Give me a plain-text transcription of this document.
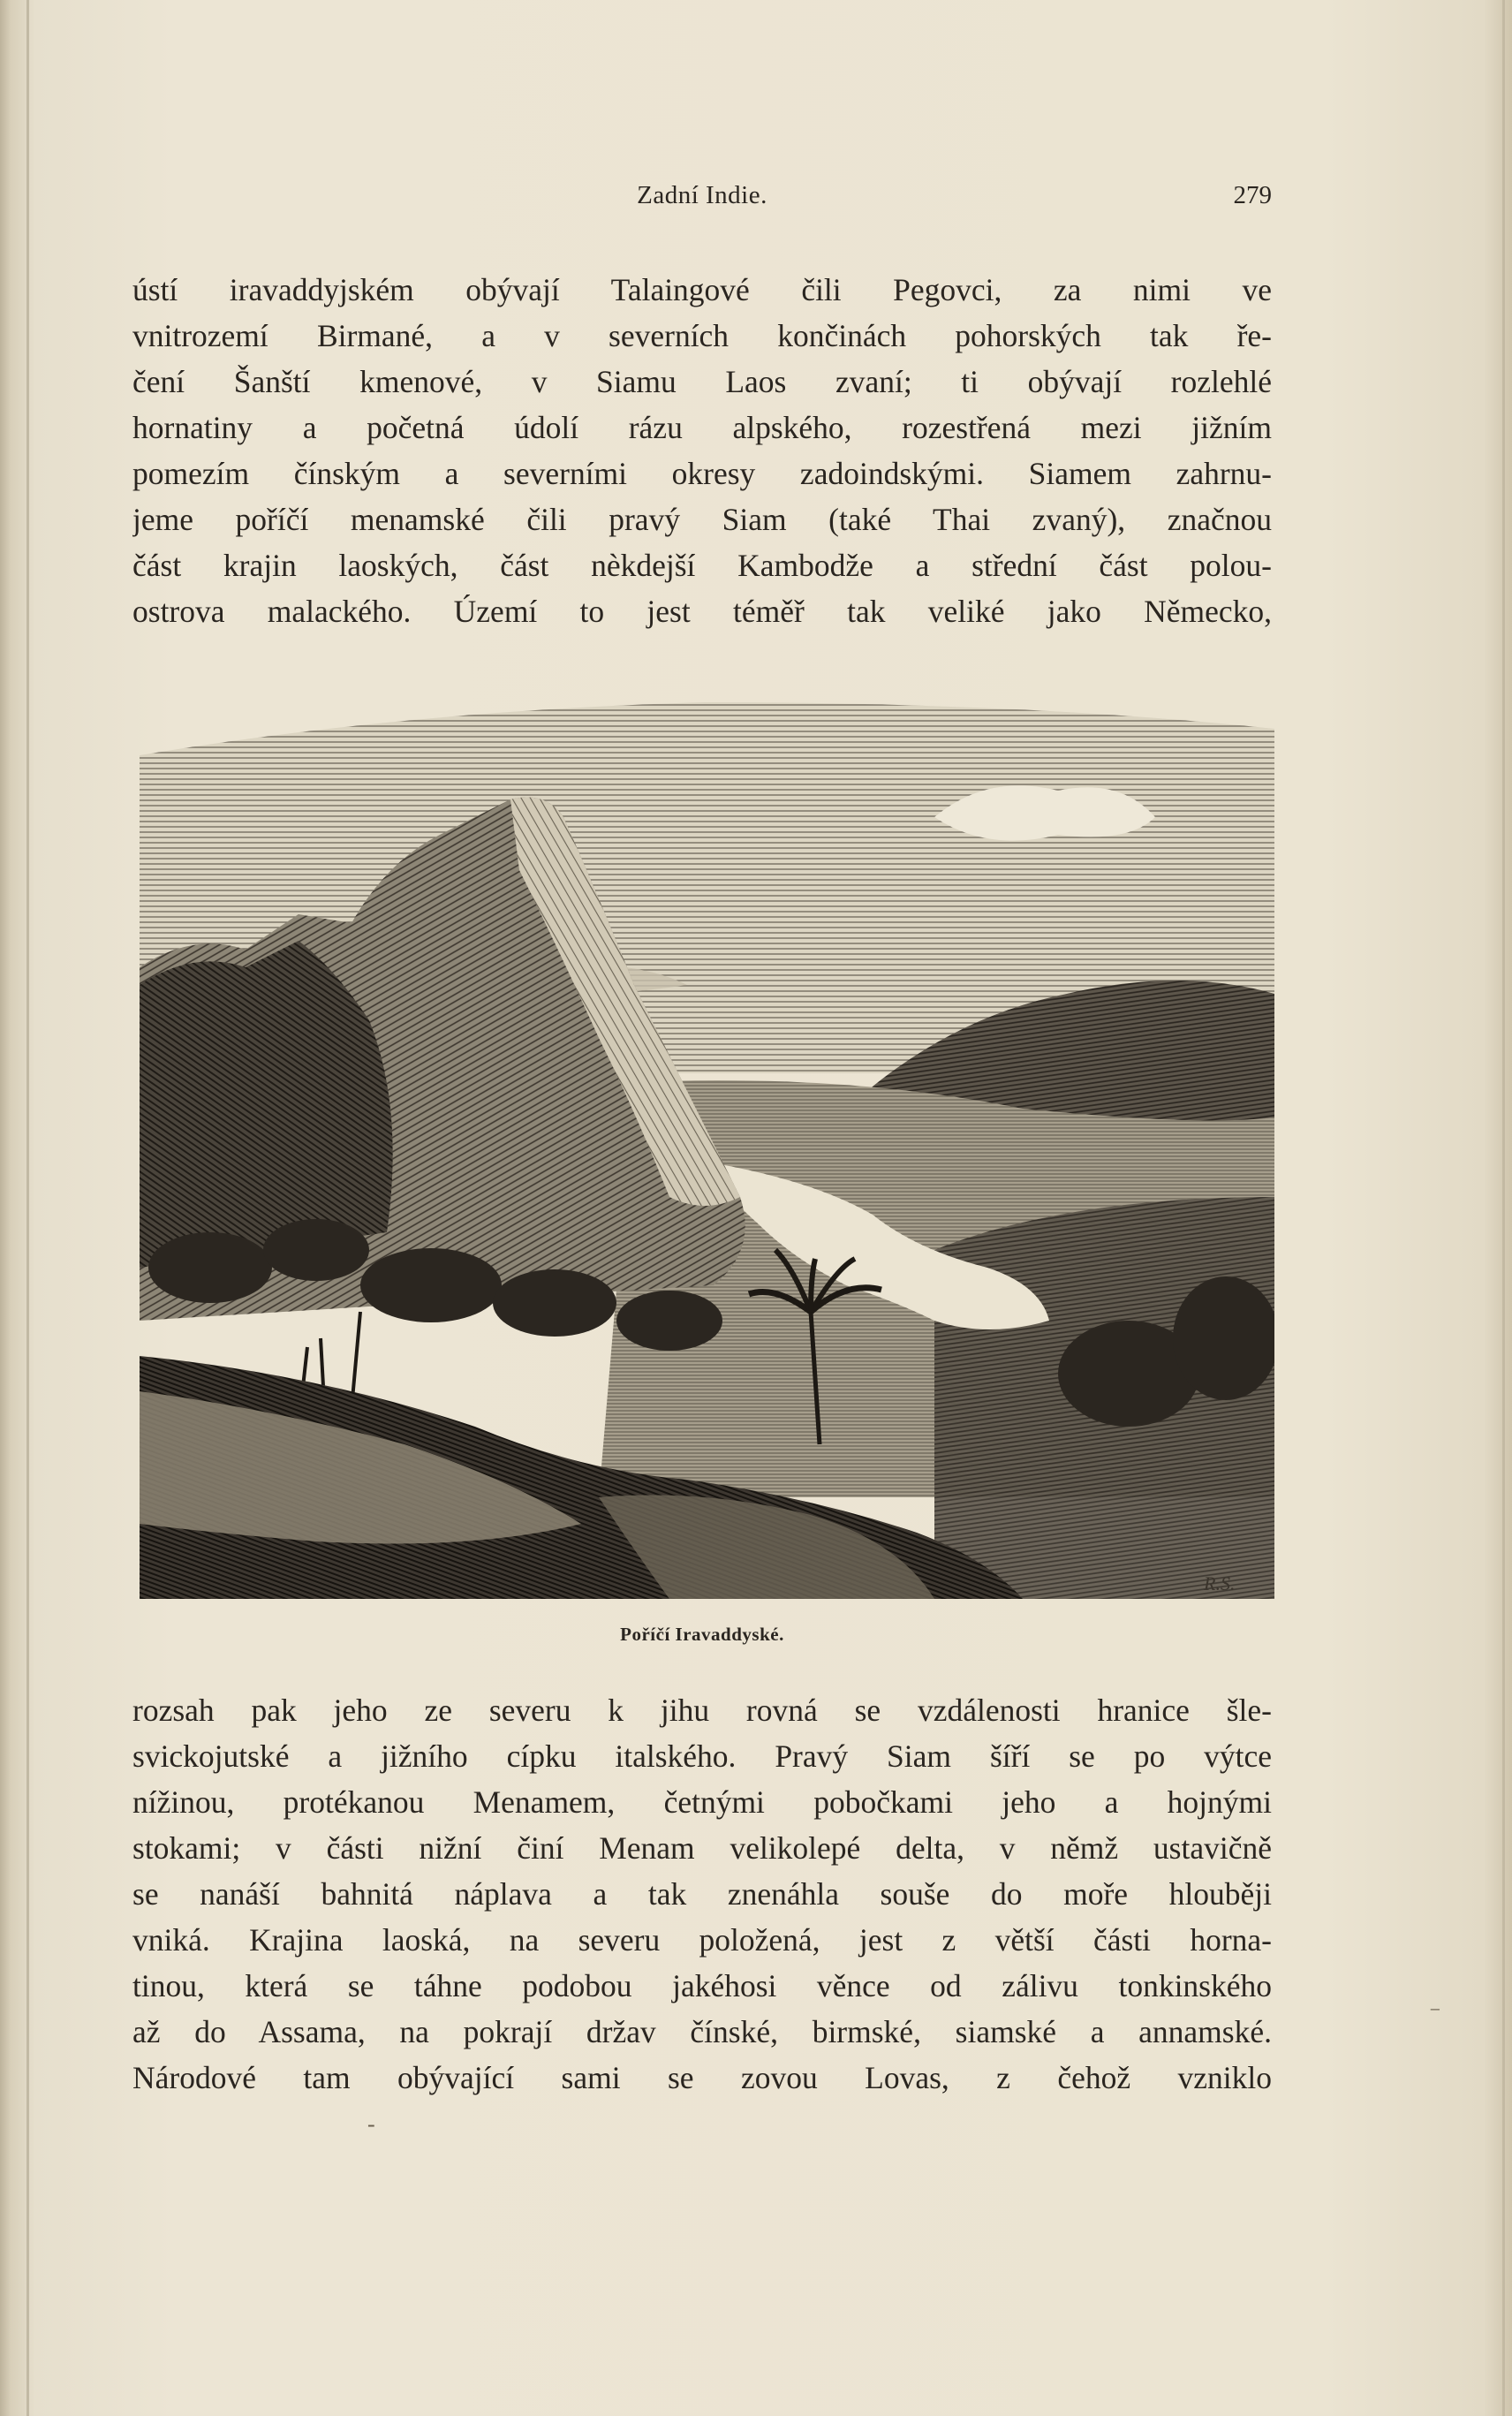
Zadní Indie.	279
ústí iravaddyjském obývají Talaingové čili Pegovci, za nimi ve
vnitrozemí Birmané, a v severních končinách pohorských tak ře-
čení Šanští kmenové, v Siamu Laos zvaní; ti obývají rozlehlé
hornatiny a početná údolí rázu alpského, rozestřená mezi jižním
pomezím čínským a severními okresy zadoindskými. Siamem zahrnu-
jeme poříčí menamské čili pravý Siam (také Thai zvaný), značnou
část krajin laoských, část nèkdejší Kambodže a střední část polou-
ostrova malackého. Území to jest téměř tak veliké jako Německo,
R.S.
Poříčí Iravaddyské.
rozsah pak jeho ze severu k jihu rovná se vzdálenosti hranice šle-
svickojutské a jižního cípku italského. Pravý Siam šíří se po výtce
nížinou, protékanou Menamem, četnými pobočkami jeho a hojnými
stokami; v části nižní činí Menam velikolepé delta, v němž ustavičně
se nanáší bahnitá náplava a tak znenáhla souše do moře hlouběji
vniká. Krajina laoská, na severu položená, jest z větší části horna-
tinou, která se táhne podobou jakéhosi věnce od zálivu tonkinského
až do Assama, na pokrají držav čínské, birmské, siamské a annamské.
Národové tam obývající sami se zovou Lovas, z čehož vzniklo
⁻
-
